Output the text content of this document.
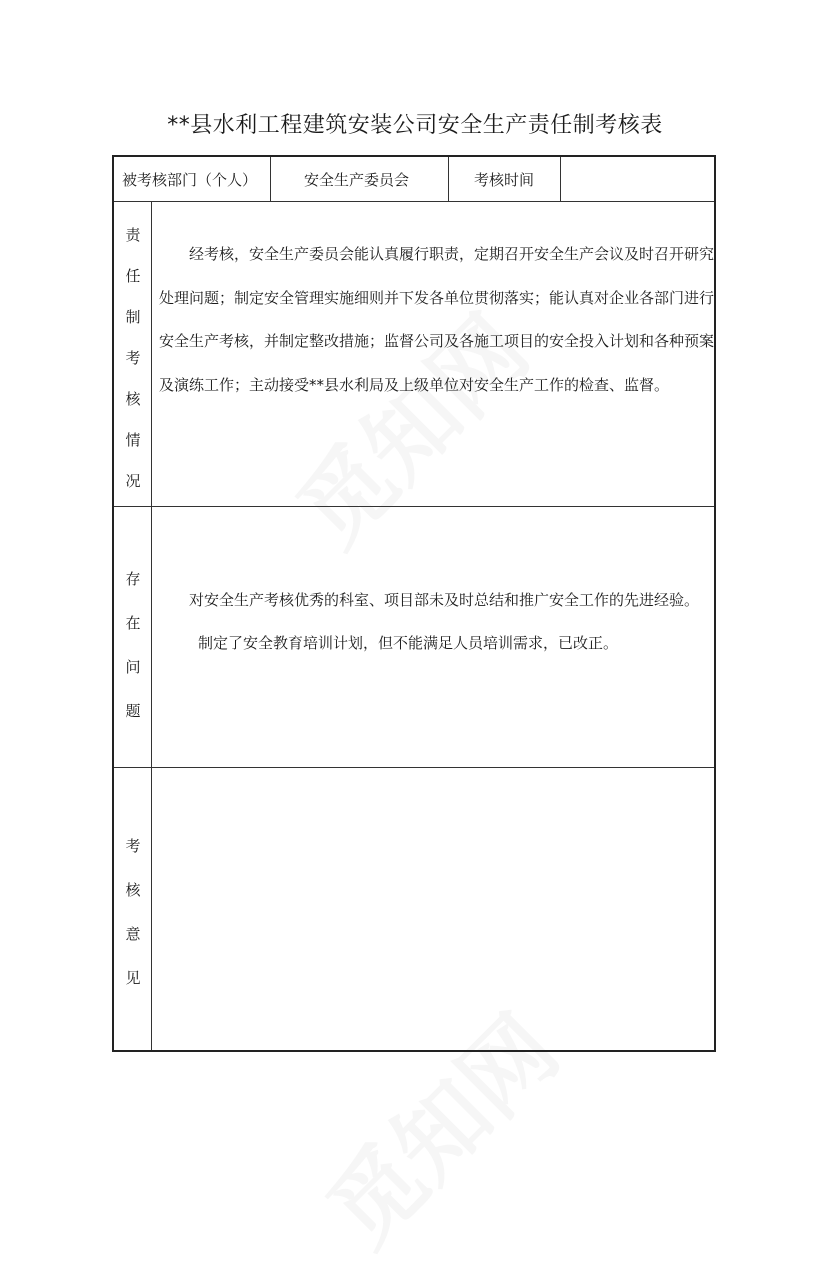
**县水利工程建筑安装公司安全生产责任制考核表
被考核部门（个人）	安全生产委员会	考核时间
责
任
制
考
核
情
况

经考核，安全生产委员会能认真履行职责，定期召开安全生产会议及时召开研究处理问题；制定安全管理实施细则并下发各单位贯彻落实；能认真对企业各部门进行安全生产考核，并制定整改措施；监督公司及各施工项目的安全投入计划和各种预案及演练工作；主动接受**县水利局及上级单位对安全生产工作的检查、监督。

存
在
问
题

对安全生产考核优秀的科室、项目部未及时总结和推广安全工作的先进经验。

制定了安全教育培训计划，但不能满足人员培训需求，已改正。

考
核
意
见
